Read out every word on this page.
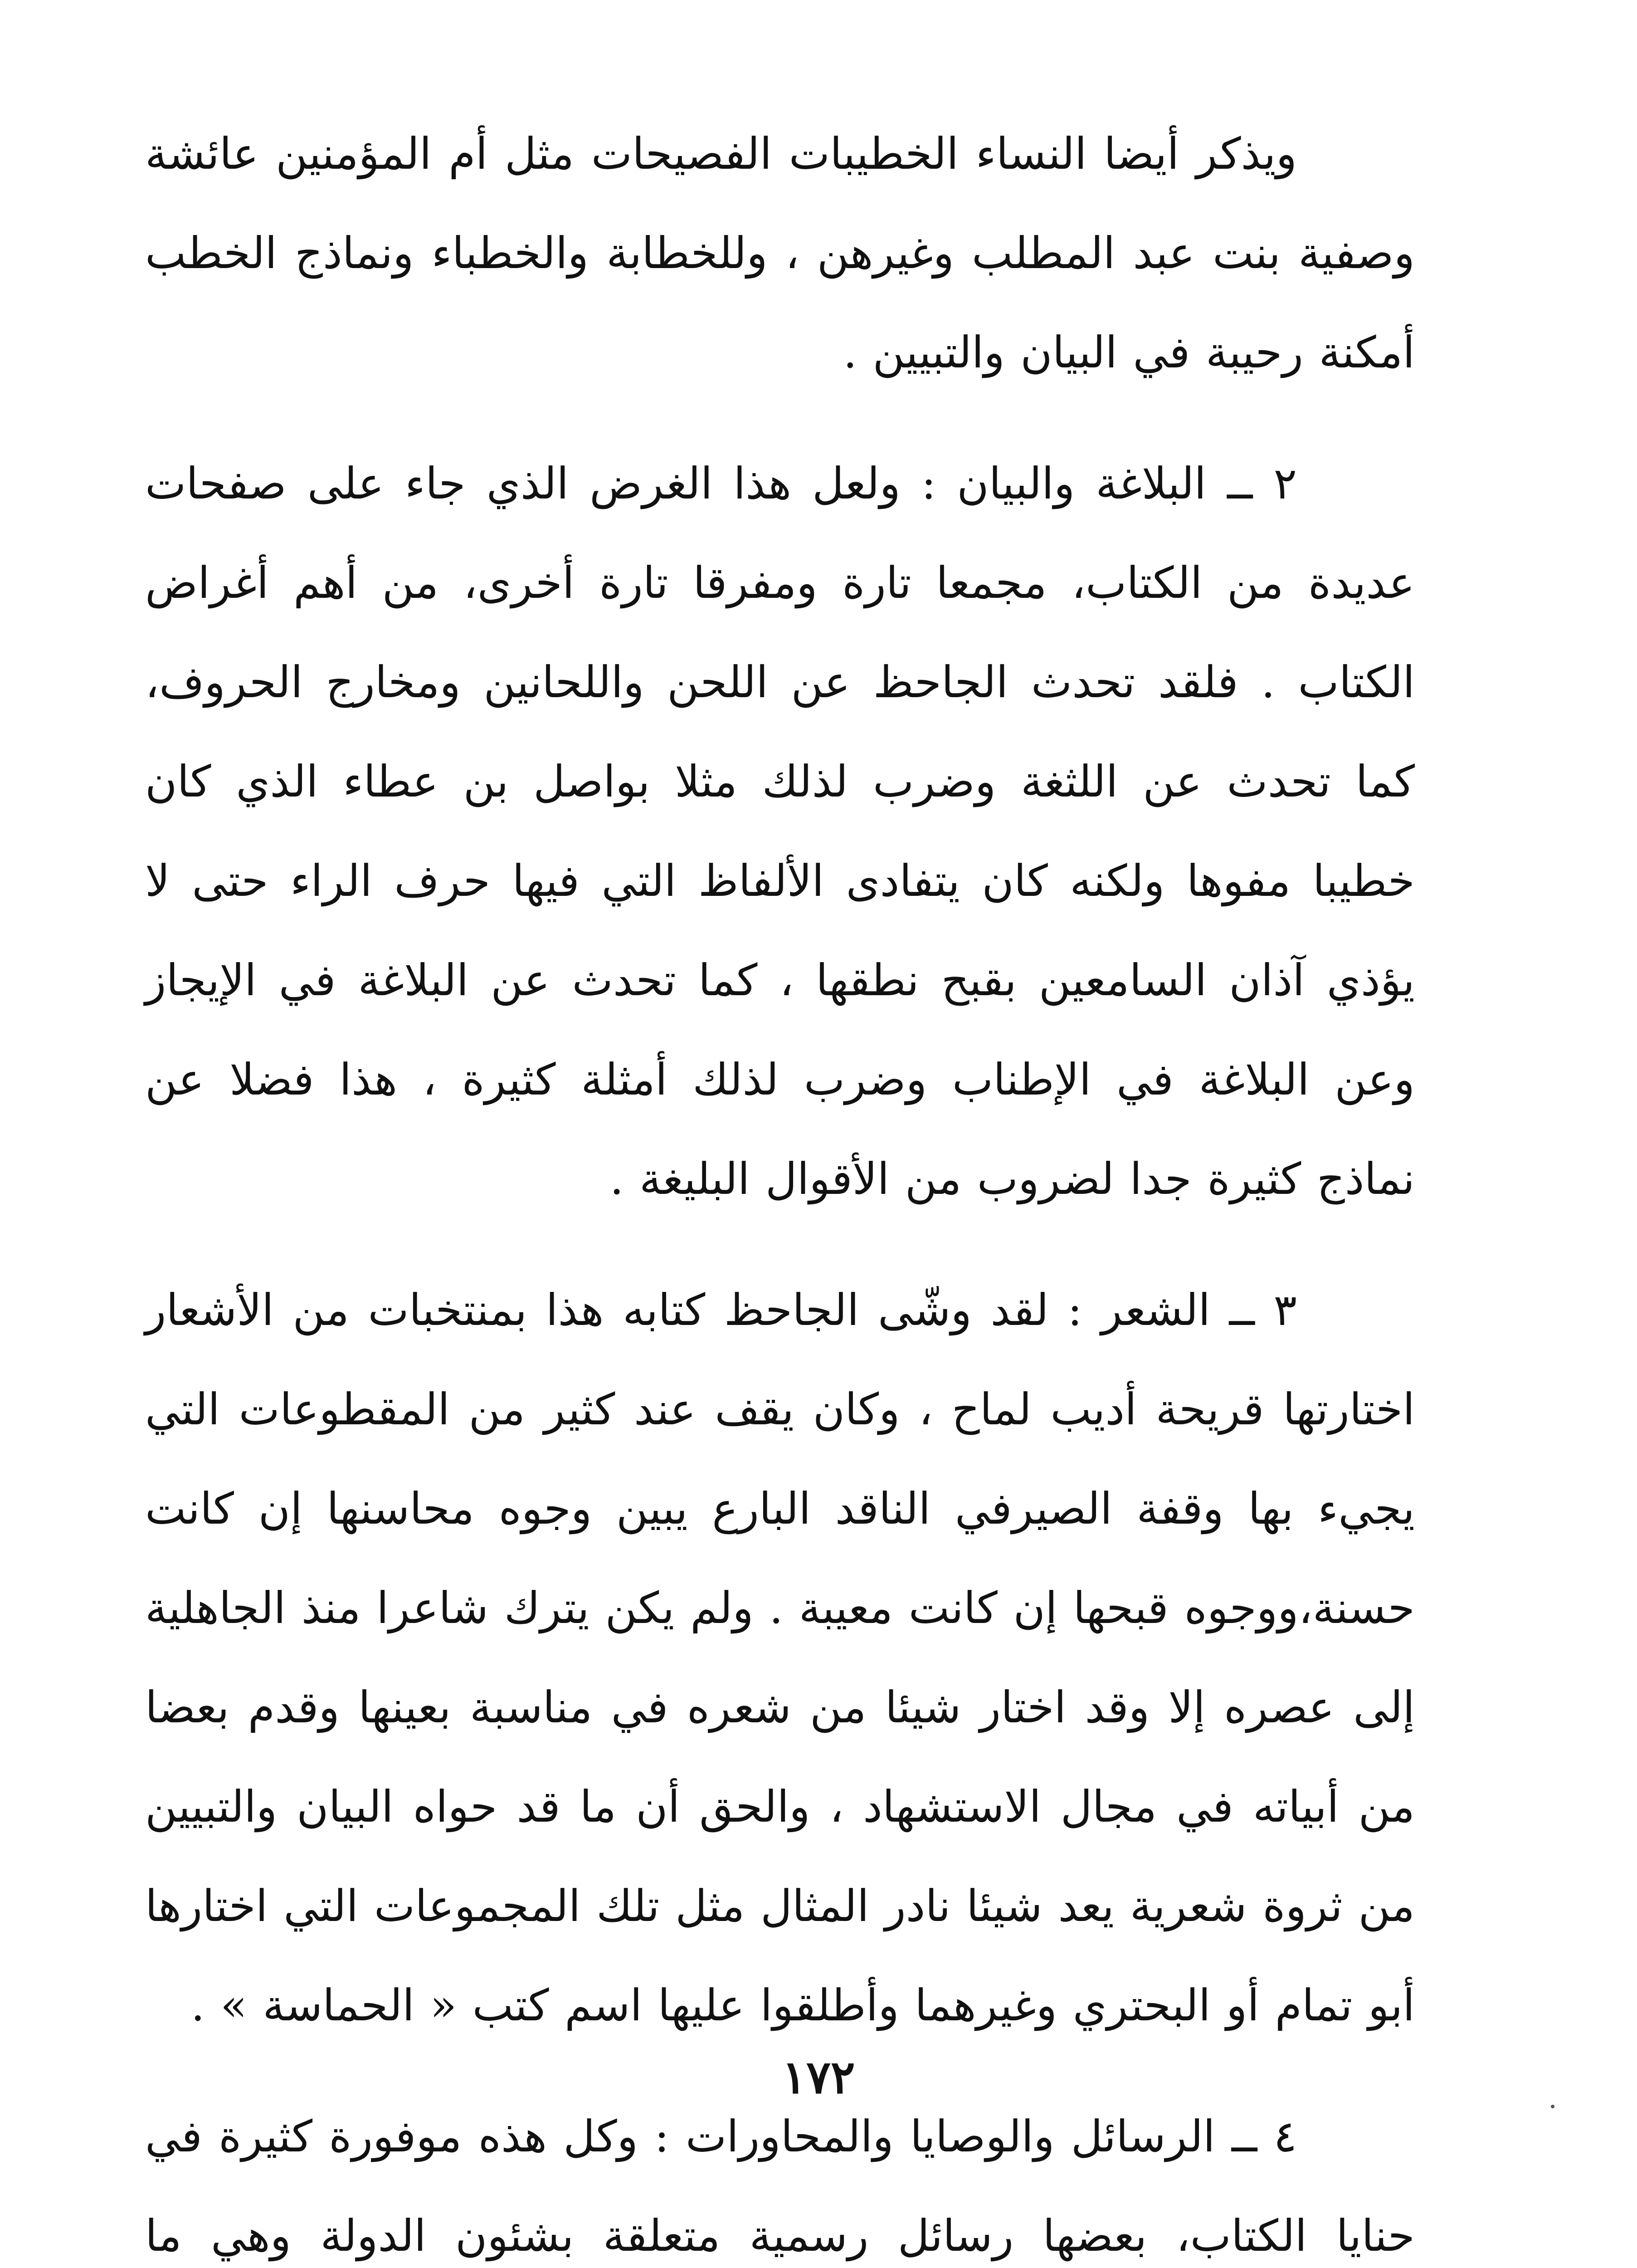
ويذكر أيضا النساء الخطيبات الفصيحات مثل أم المؤمنين عائشة وصفية بنت عبد المطلب وغيرهن ، وللخطابة والخطباء ونماذج الخطب أمكنة رحيبة في البيان والتبيين .

٢ ــ البلاغة والبيان : ولعل هذا الغرض الذي جاء على صفحات عديدة من الكتاب، مجمعا تارة ومفرقا تارة أخرى، من أهم أغراض الكتاب . فلقد تحدث الجاحظ عن اللحن واللحانين ومخارج الحروف، كما تحدث عن اللثغة وضرب لذلك مثلا بواصل بن عطاء الذي كان خطيبا مفوها ولكنه كان يتفادى الألفاظ التي فيها حرف الراء حتى لا يؤذي آذان السامعين بقبح نطقها ، كما تحدث عن البلاغة في الإيجاز وعن البلاغة في الإطناب وضرب لذلك أمثلة كثيرة ، هذا فضلا عن نماذج كثيرة جدا لضروب من الأقوال البليغة .

٣ ــ الشعر : لقد وشّى الجاحظ كتابه هذا بمنتخبات من الأشعار اختارتها قريحة أديب لماح ، وكان يقف عند كثير من المقطوعات التي يجيء بها وقفة الصيرفي الناقد البارع يبين وجوه محاسنها إن كانت حسنة،ووجوه قبحها إن كانت معيبة . ولم يكن يترك شاعرا منذ الجاهلية إلى عصره إلا وقد اختار شيئا من شعره في مناسبة بعينها وقدم بعضا من أبياته في مجال الاستشهاد ، والحق أن ما قد حواه البيان والتبيين من ثروة شعرية يعد شيئا نادر المثال مثل تلك المجموعات التي اختارها أبو تمام أو البحتري وغيرهما وأطلقوا عليها اسم كتب « الحماسة » .

٤ ــ الرسائل والوصايا والمحاورات : وكل هذه موفورة كثيرة في حنايا الكتاب، بعضها رسائل رسمية متعلقة بشئون الدولة وهي ما

١٧٢
